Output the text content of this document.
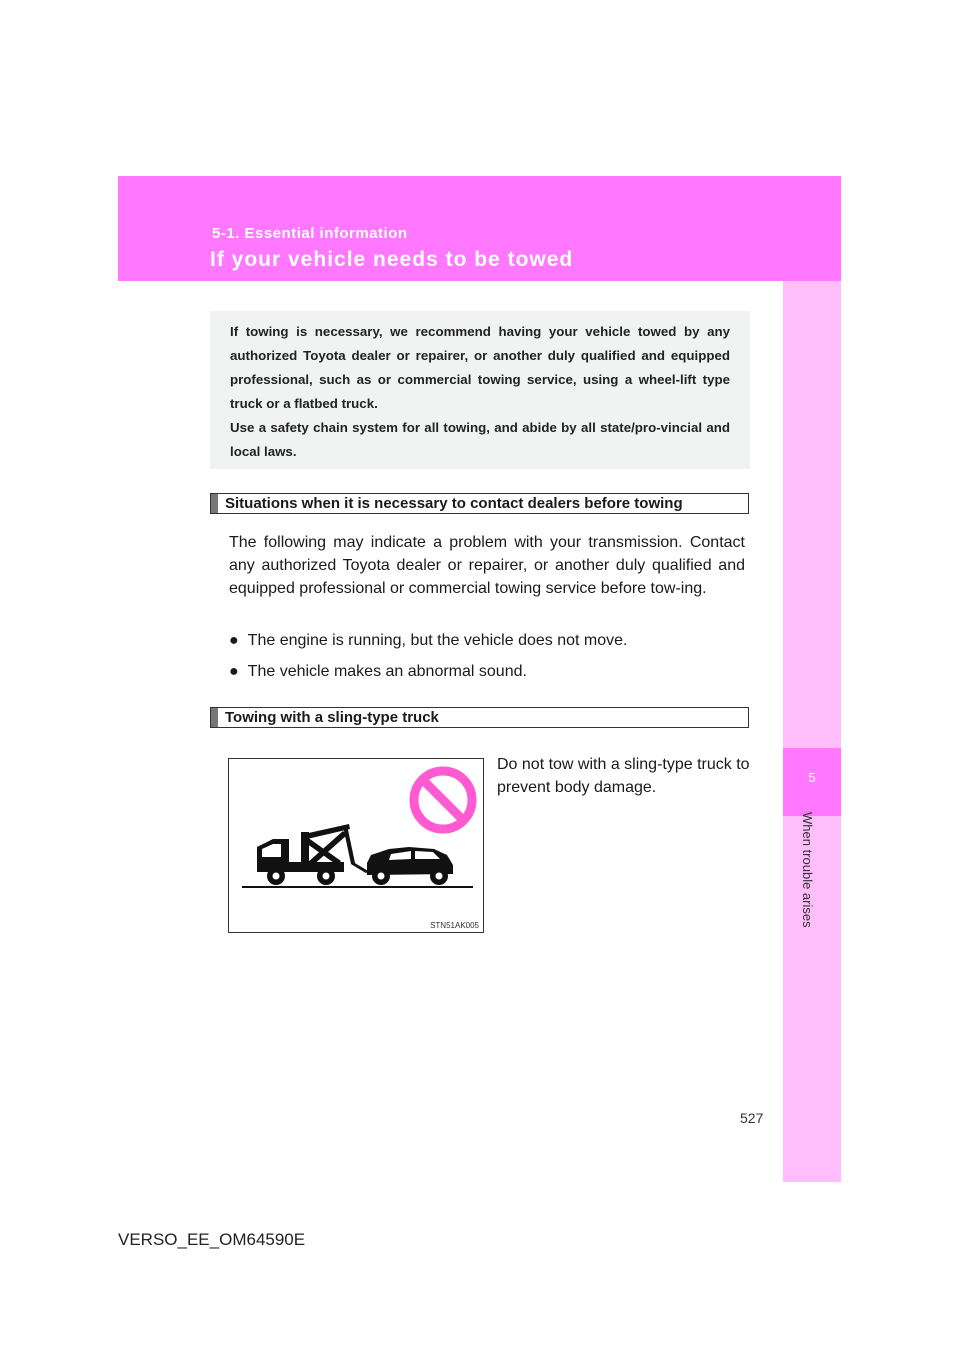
5-1. Essential information
If your vehicle needs to be towed
5
When trouble arises

If towing is necessary, we recommend having your vehicle towed by any authorized Toyota dealer or repairer, or another duly qualified and equipped professional, such as or commercial towing service, using a wheel-lift type truck or a flatbed truck.

Use a safety chain system for all towing, and abide by all state/pro-vincial and local laws.

Situations when it is necessary to contact dealers before towing
The following may indicate a problem with your transmission. Contact any authorized Toyota dealer or repairer, or another duly qualified and equipped professional or commercial towing service before tow-ing.
● The engine is running, but the vehicle does not move.
● The vehicle makes an abnormal sound.
Towing with a sling-type truck
STN51AK005
Do not tow with a sling-type truck to prevent body damage.
527
VERSO_EE_OM64590E
